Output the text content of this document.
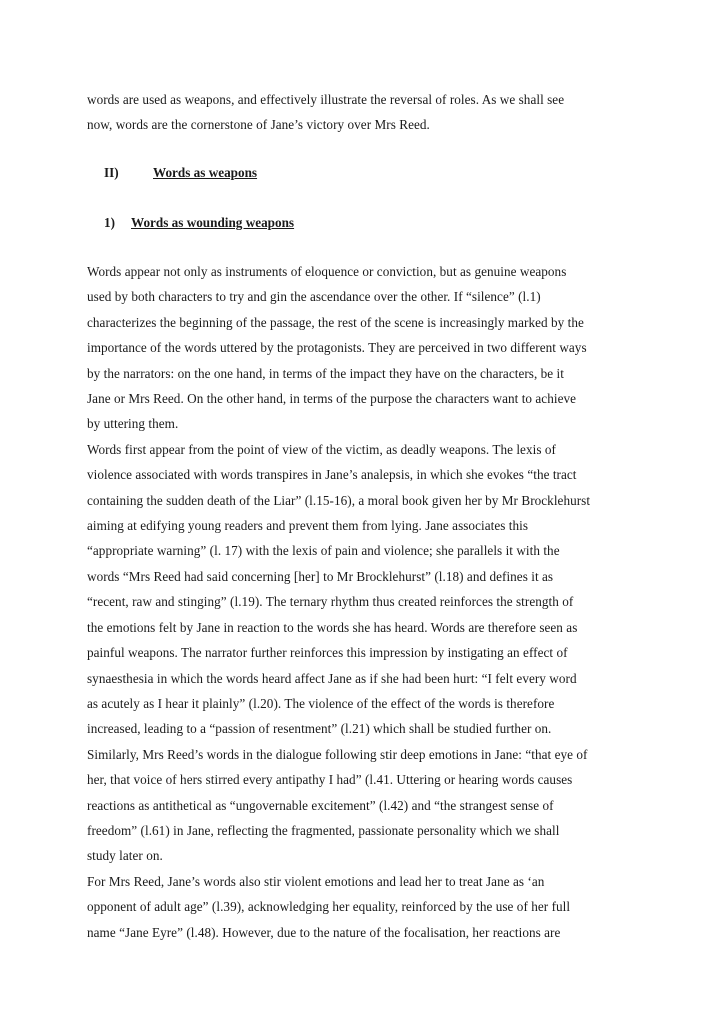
words are used as weapons, and effectively illustrate the reversal of roles. As we shall see
now, words are the cornerstone of Jane’s victory over Mrs Reed.
II)	Words as weapons
1) Words as wounding weapons
Words appear not only as instruments of eloquence or conviction, but as genuine weapons
used by both characters to try and gin the ascendance over the other. If “silence” (l.1)
characterizes the beginning of the passage, the rest of the scene is increasingly marked by the
importance of the words uttered by the protagonists. They are perceived in two different ways
by the narrators: on the one hand, in terms of the impact they have on the characters, be it
Jane or Mrs Reed. On the other hand, in terms of the purpose the characters want to achieve
by uttering them.
Words first appear from the point of view of the victim, as deadly weapons. The lexis of
violence associated with words transpires in Jane’s analepsis, in which she evokes “the tract
containing the sudden death of the Liar” (l.15-16), a moral book given her by Mr Brocklehurst
aiming at edifying young readers and prevent them from lying. Jane associates this
“appropriate warning” (l. 17) with the lexis of pain and violence; she parallels it with the
words “Mrs Reed had said concerning [her] to Mr Brocklehurst” (l.18) and defines it as
“recent, raw and stinging” (l.19). The ternary rhythm thus created reinforces the strength of
the emotions felt by Jane in reaction to the words she has heard. Words are therefore seen as
painful weapons. The narrator further reinforces this impression by instigating an effect of
synaesthesia in which the words heard affect Jane as if she had been hurt: “I felt every word
as acutely as I hear it plainly” (l.20). The violence of the effect of the words is therefore
increased, leading to a “passion of resentment” (l.21) which shall be studied further on.
Similarly, Mrs Reed’s words in the dialogue following stir deep emotions in Jane: “that eye of
her, that voice of hers stirred every antipathy I had” (l.41. Uttering or hearing words causes
reactions as antithetical as “ungovernable excitement” (l.42) and “the strangest sense of
freedom” (l.61) in Jane, reflecting the fragmented, passionate personality which we shall
study later on.
For Mrs Reed, Jane’s words also stir violent emotions and lead her to treat Jane as ‘an
opponent of adult age” (l.39), acknowledging her equality, reinforced by the use of her full
name “Jane Eyre” (l.48). However, due to the nature of the focalisation, her reactions are
